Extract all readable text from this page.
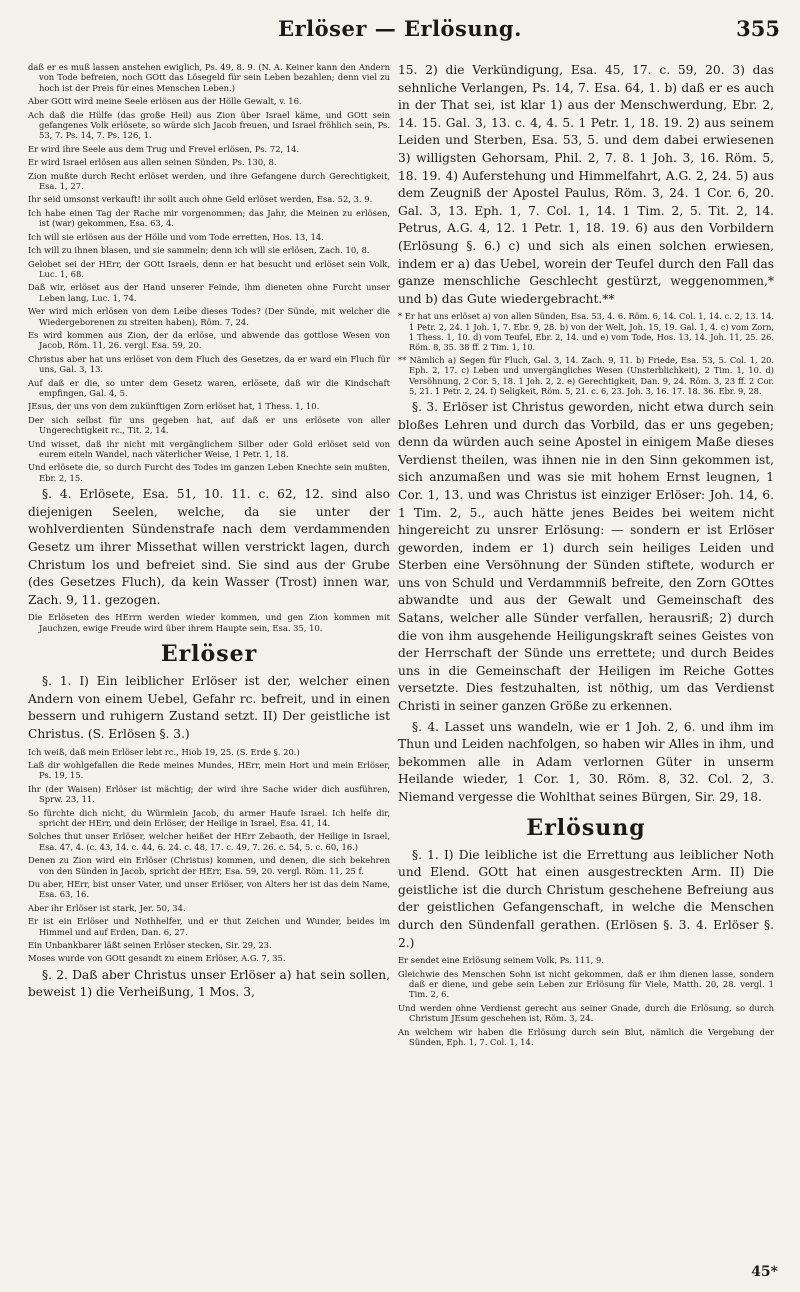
Erlöser — Erlösung.	355

daß er es muß lassen anstehen ewiglich, Ps. 49, 8. 9. (N. A. Keiner kann den Andern von Tode befreien, noch GOtt das Lösegeld für sein Leben bezahlen; denn viel zu hoch ist der Preis für eines Menschen Leben.)

Aber GOtt wird meine Seele erlösen aus der Hölle Gewalt, v. 16.

Ach daß die Hülfe (das große Heil) aus Zion über Israel käme, und GOtt sein gefangenes Volk erlösete, so würde sich Jacob freuen, und Israel fröhlich sein, Ps. 53, 7. Ps. 14, 7. Ps. 126, 1.

Er wird ihre Seele aus dem Trug und Frevel erlösen, Ps. 72, 14.

Er wird Israel erlösen aus allen seinen Sünden, Ps. 130, 8.

Zion mußte durch Recht erlöset werden, und ihre Gefangene durch Gerechtigkeit, Esa. 1, 27.

Ihr seid umsonst verkauft! ihr sollt auch ohne Geld erlöset werden, Esa. 52, 3. 9.

Ich habe einen Tag der Rache mir vorgenommen; das Jahr, die Meinen zu erlösen, ist (war) gekommen, Esa. 63, 4.

Ich will sie erlösen aus der Hölle und vom Tode erretten, Hos. 13, 14.

Ich will zu ihnen blasen, und sie sammeln; denn ich will sie erlösen, Zach. 10, 8.

Gelobet sei der HErr, der GOtt Israels, denn er hat besucht und erlöset sein Volk, Luc. 1, 68.

Daß wir, erlöset aus der Hand unserer Feinde, ihm dieneten ohne Furcht unser Leben lang, Luc. 1, 74.

Wer wird mich erlösen von dem Leibe dieses Todes? (Der Sünde, mit welcher die Wiedergeborenen zu streiten haben), Röm. 7, 24.

Es wird kommen aus Zion, der da erlöse, und abwende das gottlose Wesen von Jacob, Röm. 11, 26. vergl. Esa. 59, 20.

Christus aber hat uns erlöset von dem Fluch des Gesetzes, da er ward ein Fluch für uns, Gal. 3, 13.

Auf daß er die, so unter dem Gesetz waren, erlösete, daß wir die Kindschaft empfingen, Gal. 4, 5.

JEsus, der uns von dem zukünftigen Zorn erlöset hat, 1 Thess. 1, 10.

Der sich selbst für uns gegeben hat, auf daß er uns erlösete von aller Ungerechtigkeit rc., Tit. 2, 14.

Und wisset, daß ihr nicht mit vergänglichem Silber oder Gold erlöset seid von eurem eiteln Wandel, nach väterlicher Weise, 1 Petr. 1, 18.

Und erlösete die, so durch Furcht des Todes im ganzen Leben Knechte sein mußten, Ebr. 2, 15.

§. 4. Erlösete, Esa. 51, 10. 11. c. 62, 12. sind also diejenigen Seelen, welche, da sie unter der wohlverdienten Sündenstrafe nach dem verdammenden Gesetz um ihrer Missethat willen verstrickt lagen, durch Christum los und befreiet sind. Sie sind aus der Grube (des Gesetzes Fluch), da kein Wasser (Trost) innen war, Zach. 9, 11. gezogen.

Die Erlöseten des HErrn werden wieder kommen, und gen Zion kommen mit Jauchzen, ewige Freude wird über ihrem Haupte sein, Esa. 35, 10.

Erlöser

§. 1. I) Ein leiblicher Erlöser ist der, welcher einen Andern von einem Uebel, Gefahr rc. befreit, und in einen bessern und ruhigern Zustand setzt. II) Der geistliche ist Christus. (S. Erlösen §. 3.)

Ich weiß, daß mein Erlöser lebt rc., Hiob 19, 25. (S. Erde §. 20.)

Laß dir wohlgefallen die Rede meines Mundes, HErr, mein Hort und mein Erlöser, Ps. 19, 15.

Ihr (der Waisen) Erlöser ist mächtig; der wird ihre Sache wider dich ausführen, Sprw. 23, 11.

So fürchte dich nicht, du Würmlein Jacob, du armer Haufe Israel. Ich helfe dir, spricht der HErr, und dein Erlöser, der Heilige in Israel, Esa. 41, 14.

Solches thut unser Erlöser, welcher heißet der HErr Zebaoth, der Heilige in Israel, Esa. 47, 4. (c. 43, 14. c. 44, 6. 24. c. 48, 17. c. 49, 7. 26. c. 54, 5. c. 60, 16.)

Denen zu Zion wird ein Erlöser (Christus) kommen, und denen, die sich bekehren von den Sünden in Jacob, spricht der HErr, Esa. 59, 20. vergl. Röm. 11, 25 f.

Du aber, HErr, bist unser Vater, und unser Erlöser, von Alters her ist das dein Name, Esa. 63, 16.

Aber ihr Erlöser ist stark, Jer. 50, 34.

Er ist ein Erlöser und Nothhelfer, und er thut Zeichen und Wunder, beides im Himmel und auf Erden, Dan. 6, 27.

Ein Unbankbarer läßt seinen Erlöser stecken, Sir. 29, 23.

Moses wurde von GOtt gesandt zu einem Erlöser, A.G. 7, 35.

§. 2. Daß aber Christus unser Erlöser a) hat sein sollen, beweist 1) die Verheißung, 1 Mos. 3,

15. 2) die Verkündigung, Esa. 45, 17. c. 59, 20. 3) das sehnliche Verlangen, Ps. 14, 7. Esa. 64, 1. b) daß er es auch in der That sei, ist klar 1) aus der Menschwerdung, Ebr. 2, 14. 15. Gal. 3, 13. c. 4, 4. 5. 1 Petr. 1, 18. 19. 2) aus seinem Leiden und Sterben, Esa. 53, 5. und dem dabei erwiesenen 3) willigsten Gehorsam, Phil. 2, 7. 8. 1 Joh. 3, 16. Röm. 5, 18. 19. 4) Auferstehung und Himmelfahrt, A.G. 2, 24. 5) aus dem Zeugniß der Apostel Paulus, Röm. 3, 24. 1 Cor. 6, 20. Gal. 3, 13. Eph. 1, 7. Col. 1, 14. 1 Tim. 2, 5. Tit. 2, 14. Petrus, A.G. 4, 12. 1 Petr. 1, 18. 19. 6) aus den Vorbildern (Erlösung §. 6.) c) und sich als einen solchen erwiesen, indem er a) das Uebel, worein der Teufel durch den Fall das ganze menschliche Geschlecht gestürzt, weggenommen,* und b) das Gute wiedergebracht.**

* Er hat uns erlöset a) von allen Sünden, Esa. 53, 4. 6. Röm. 6, 14. Col. 1, 14. c. 2, 13. 14. 1 Petr. 2, 24. 1 Joh. 1, 7. Ebr. 9, 28. b) von der Welt, Joh. 15, 19. Gal. 1, 4. c) vom Zorn, 1 Thess. 1, 10. d) vom Teufel, Ebr. 2, 14. und e) vom Tode, Hos. 13, 14. Joh. 11, 25. 26. Röm. 8, 35. 38 ff. 2 Tim. 1, 10.

** Nämlich a) Segen für Fluch, Gal. 3, 14. Zach. 9, 11. b) Friede, Esa. 53, 5. Col. 1, 20. Eph. 2, 17. c) Leben und unvergängliches Wesen (Unsterblichkeit), 2 Tim. 1, 10. d) Versöhnung, 2 Cor. 5, 18. 1 Joh. 2, 2. e) Gerechtigkeit, Dan. 9, 24. Röm. 3, 23 ff. 2 Cor. 5, 21. 1 Petr. 2, 24. f) Seligkeit, Röm. 5, 21. c. 6, 23. Joh. 3, 16. 17. 18. 36. Ebr. 9, 28.

§. 3. Erlöser ist Christus geworden, nicht etwa durch sein bloßes Lehren und durch das Vorbild, das er uns gegeben; denn da würden auch seine Apostel in einigem Maße dieses Verdienst theilen, was ihnen nie in den Sinn gekommen ist, sich anzumaßen und was sie mit hohem Ernst leugnen, 1 Cor. 1, 13. und was Christus ist einziger Erlöser: Joh. 14, 6. 1 Tim. 2, 5., auch hätte jenes Beides bei weitem nicht hingereicht zu unsrer Erlösung: — sondern er ist Erlöser geworden, indem er 1) durch sein heiliges Leiden und Sterben eine Versöhnung der Sünden stiftete, wodurch er uns von Schuld und Verdammniß befreite, den Zorn GOttes abwandte und aus der Gewalt und Gemeinschaft des Satans, welcher alle Sünder verfallen, herausriß; 2) durch die von ihm ausgehende Heiligungskraft seines Geistes von der Herrschaft der Sünde uns errettete; und durch Beides uns in die Gemeinschaft der Heiligen im Reiche Gottes versetzte. Dies festzuhalten, ist nöthig, um das Verdienst Christi in seiner ganzen Größe zu erkennen.

§. 4. Lasset uns wandeln, wie er 1 Joh. 2, 6. und ihm im Thun und Leiden nachfolgen, so haben wir Alles in ihm, und bekommen alle in Adam verlornen Güter in unserm Heilande wieder, 1 Cor. 1, 30. Röm. 8, 32. Col. 2, 3. Niemand vergesse die Wohlthat seines Bürgen, Sir. 29, 18.

Erlösung

§. 1. I) Die leibliche ist die Errettung aus leiblicher Noth und Elend. GOtt hat einen ausgestreckten Arm. II) Die geistliche ist die durch Christum geschehene Befreiung aus der geistlichen Gefangenschaft, in welche die Menschen durch den Sündenfall gerathen. (Erlösen §. 3. 4. Erlöser §. 2.)

Er sendet eine Erlösung seinem Volk, Ps. 111, 9.

Gleichwie des Menschen Sohn ist nicht gekommen, daß er ihm dienen lasse, sondern daß er diene, und gebe sein Leben zur Erlösung für Viele, Matth. 20, 28. vergl. 1 Tim. 2, 6.

Und werden ohne Verdienst gerecht aus seiner Gnade, durch die Erlösung, so durch Christum JEsum geschehen ist, Röm. 3, 24.

An welchem wir haben die Erlösung durch sein Blut, nämlich die Vergebung der Sünden, Eph. 1, 7. Col. 1, 14.

45*
